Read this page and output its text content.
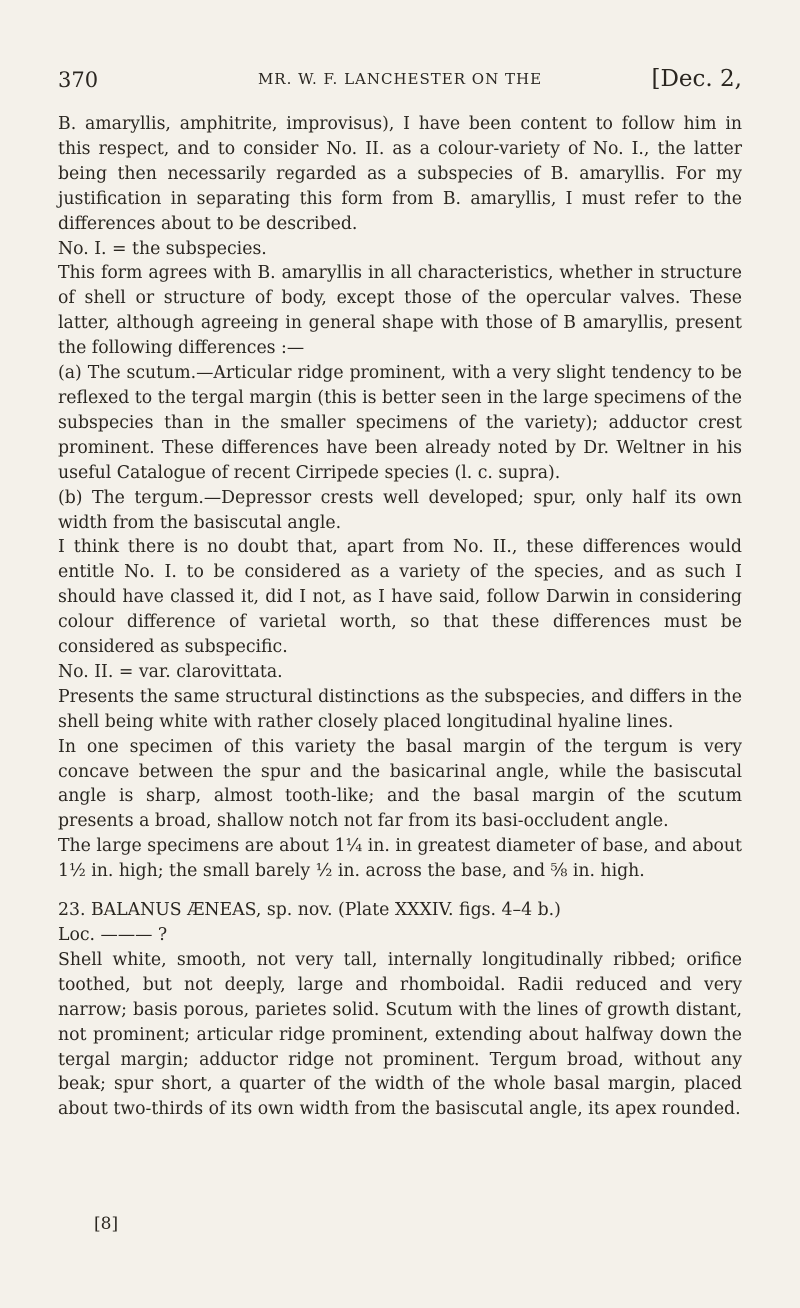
370	MR. W. F. LANCHESTER ON THE	[Dec. 2,

B. amaryllis, amphitrite, improvisus), I have been content to follow him in this respect, and to consider No. II. as a colour-variety of No. I., the latter being then necessarily regarded as a subspecies of B. amaryllis. For my justification in separating this form from B. amaryllis, I must refer to the differences about to be described.

No. I. = the subspecies.

This form agrees with B. amaryllis in all characteristics, whether in structure of shell or structure of body, except those of the opercular valves. These latter, although agreeing in general shape with those of B amaryllis, present the following differences :—

(a) The scutum.—Articular ridge prominent, with a very slight tendency to be reflexed to the tergal margin (this is better seen in the large specimens of the subspecies than in the smaller specimens of the variety); adductor crest prominent. These differences have been already noted by Dr. Weltner in his useful Catalogue of recent Cirripede species (l. c. supra).

(b) The tergum.—Depressor crests well developed; spur, only half its own width from the basiscutal angle.

I think there is no doubt that, apart from No. II., these differences would entitle No. I. to be considered as a variety of the species, and as such I should have classed it, did I not, as I have said, follow Darwin in considering colour difference of varietal worth, so that these differences must be considered as subspecific.

No. II. = var. clarovittata.

Presents the same structural distinctions as the subspecies, and differs in the shell being white with rather closely placed longitudinal hyaline lines.

In one specimen of this variety the basal margin of the tergum is very concave between the spur and the basicarinal angle, while the basiscutal angle is sharp, almost tooth-like; and the basal margin of the scutum presents a broad, shallow notch not far from its basi-occludent angle.

The large specimens are about 1¼ in. in greatest diameter of base, and about 1½ in. high; the small barely ½ in. across the base, and ⅝ in. high.

23. BALANUS ÆNEAS, sp. nov. (Plate XXXIV. figs. 4–4 b.)

Loc. ——— ?

Shell white, smooth, not very tall, internally longitudinally ribbed; orifice toothed, but not deeply, large and rhomboidal. Radii reduced and very narrow; basis porous, parietes solid. Scutum with the lines of growth distant, not prominent; articular ridge prominent, extending about halfway down the tergal margin; adductor ridge not prominent. Tergum broad, without any beak; spur short, a quarter of the width of the whole basal margin, placed about two-thirds of its own width from the basiscutal angle, its apex rounded.

[8]
